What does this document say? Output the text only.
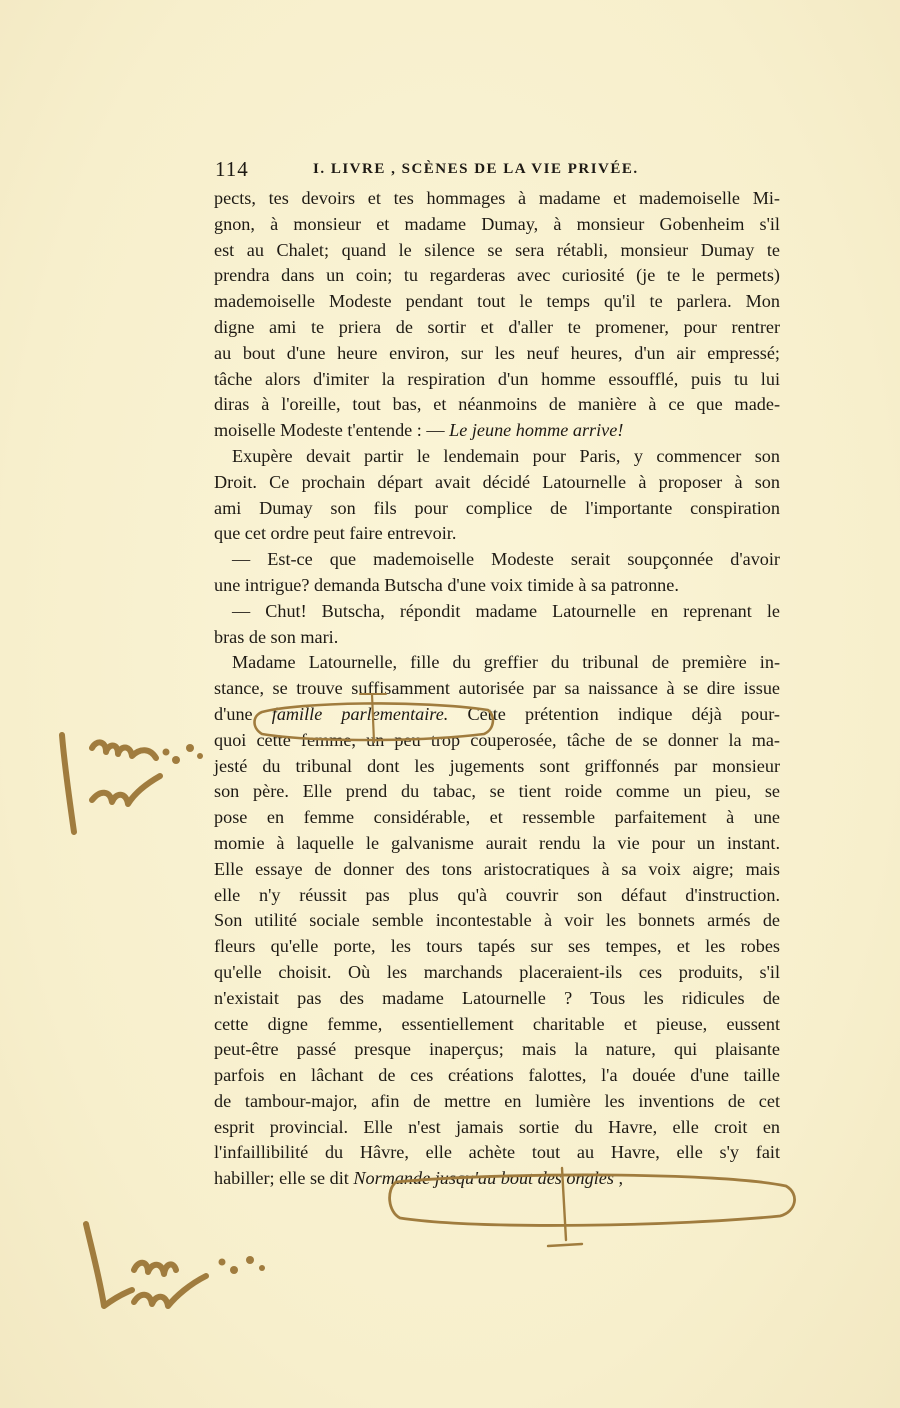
114	I. LIVRE , SCÈNES DE LA VIE PRIVÉE.
pects, tes devoirs et tes hommages à madame et mademoiselle Mi-
gnon, à monsieur et madame Dumay, à monsieur Gobenheim s'il
est au Chalet; quand le silence se sera rétabli, monsieur Dumay te
prendra dans un coin; tu regarderas avec curiosité (je te le permets)
mademoiselle Modeste pendant tout le temps qu'il te parlera. Mon
digne ami te priera de sortir et d'aller te promener, pour rentrer
au bout d'une heure environ, sur les neuf heures, d'un air empressé;
tâche alors d'imiter la respiration d'un homme essoufflé, puis tu lui
diras à l'oreille, tout bas, et néanmoins de manière à ce que made-
moiselle Modeste t'entende : — Le jeune homme arrive!
Exupère devait partir le lendemain pour Paris, y commencer son
Droit. Ce prochain départ avait décidé Latournelle à proposer à son
ami Dumay son fils pour complice de l'importante conspiration
que cet ordre peut faire entrevoir.
— Est-ce que mademoiselle Modeste serait soupçonnée d'avoir
une intrigue? demanda Butscha d'une voix timide à sa patronne.
— Chut! Butscha, répondit madame Latournelle en reprenant le
bras de son mari.
Madame Latournelle, fille du greffier du tribunal de première in-
stance, se trouve suffisamment autorisée par sa naissance à se dire issue
d'une famille parlementaire. Cette prétention indique déjà pour-
quoi cette femme, un peu trop couperosée, tâche de se donner la ma-
jesté du tribunal dont les jugements sont griffonnés par monsieur
son père. Elle prend du tabac, se tient roide comme un pieu, se
pose en femme considérable, et ressemble parfaitement à une
momie à laquelle le galvanisme aurait rendu la vie pour un instant.
Elle essaye de donner des tons aristocratiques à sa voix aigre; mais
elle n'y réussit pas plus qu'à couvrir son défaut d'instruction.
Son utilité sociale semble incontestable à voir les bonnets armés de
fleurs qu'elle porte, les tours tapés sur ses tempes, et les robes
qu'elle choisit. Où les marchands placeraient-ils ces produits, s'il
n'existait pas des madame Latournelle ? Tous les ridicules de
cette digne femme, essentiellement charitable et pieuse, eussent
peut-être passé presque inaperçus; mais la nature, qui plaisante
parfois en lâchant de ces créations falottes, l'a douée d'une taille
de tambour-major, afin de mettre en lumière les inventions de cet
esprit provincial. Elle n'est jamais sortie du Havre, elle croit en
l'infaillibilité du Hâvre, elle achète tout au Havre, elle s'y fait
habiller; elle se dit Normande jusqu'au bout des ongles ,
